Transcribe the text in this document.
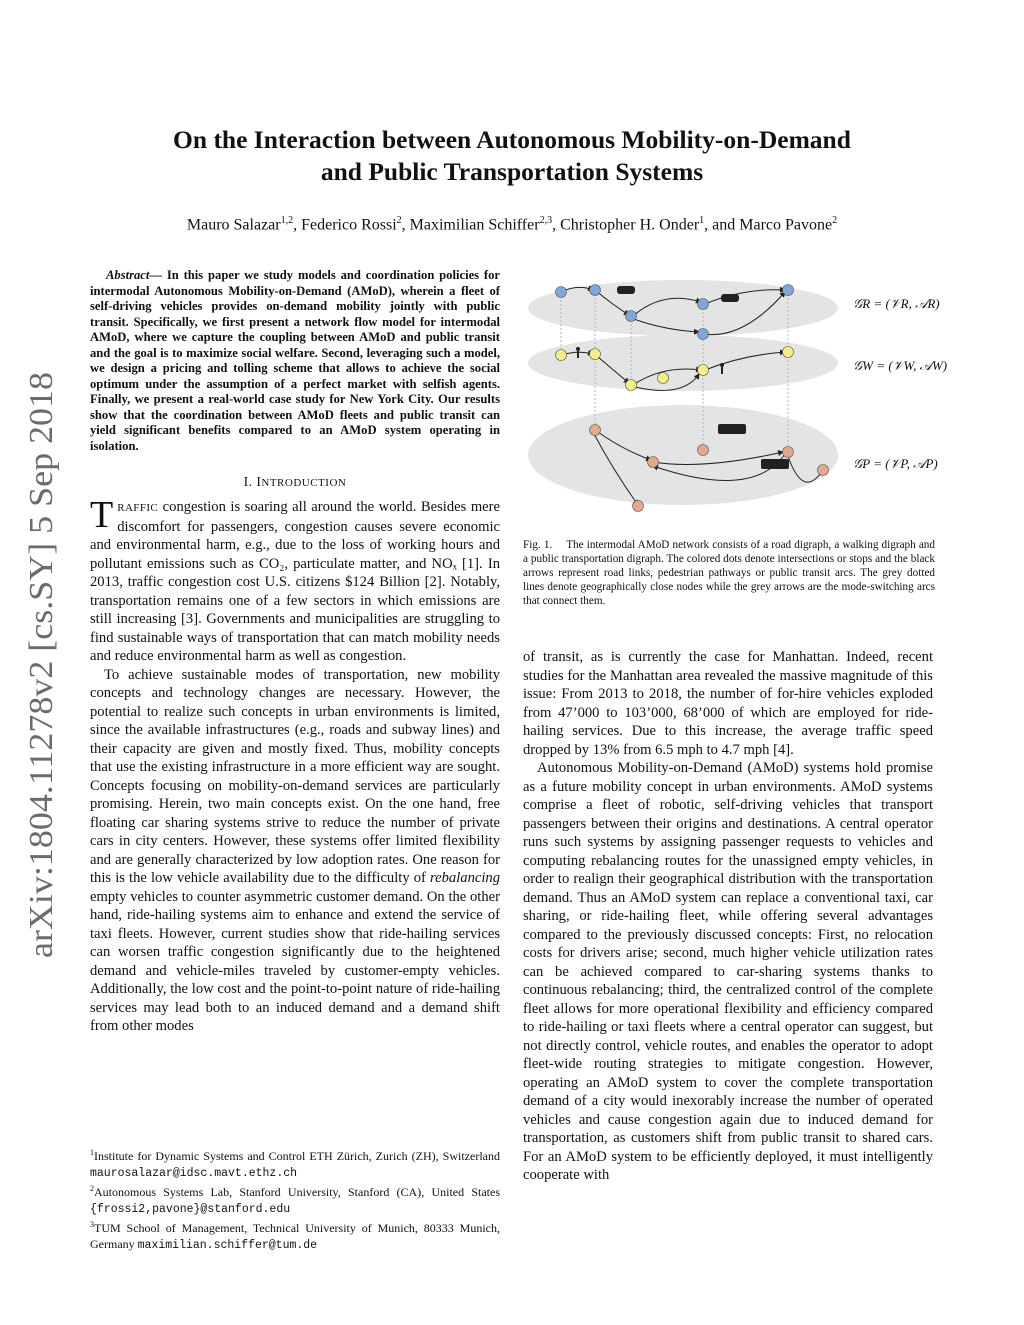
arXiv:1804.11278v2 [cs.SY] 5 Sep 2018
On the Interaction between Autonomous Mobility-on-Demand
and Public Transportation Systems
Mauro Salazar$^{1,2}$, Federico Rossi$^2$, Maximilian Schiffer$^{2,3}$, Christopher H. Onder$^1$, and Marco Pavone$^2$

Abstract— In this paper we study models and coordination policies for intermodal Autonomous Mobility-on-Demand (AMoD), wherein a fleet of self-driving vehicles provides on-demand mobility jointly with public transit. Specifically, we first present a network flow model for intermodal AMoD, where we capture the coupling between AMoD and public transit and the goal is to maximize social welfare. Second, leveraging such a model, we design a pricing and tolling scheme that allows to achieve the social optimum under the assumption of a perfect market with selfish agents. Finally, we present a real-world case study for New York City. Our results show that the coordination between AMoD fleets and public transit can yield significant benefits compared to an AMoD system operating in isolation.

I. INTRODUCTION

TRAFFIC congestion is soaring all around the world. Besides mere discomfort for passengers, congestion causes severe economic and environmental harm, e.g., due to the loss of working hours and pollutant emissions such as CO₂, particulate matter, and NOₓ [1]. In 2013, traffic congestion cost U.S. citizens $124 Billion [2]. Notably, transportation remains one of a few sectors in which emissions are still increasing [3]. Governments and municipalities are struggling to find sustainable ways of transportation that can match mobility needs and reduce environmental harm as well as congestion.

To achieve sustainable modes of transportation, new mobility concepts and technology changes are necessary. However, the potential to realize such concepts in urban environments is limited, since the available infrastructures (e.g., roads and subway lines) and their capacity are given and mostly fixed. Thus, mobility concepts that use the existing infrastructure in a more efficient way are sought. Concepts focusing on mobility-on-demand services are particularly promising. Herein, two main concepts exist. On the one hand, free floating car sharing systems strive to reduce the number of private cars in city centers. However, these systems offer limited flexibility and are generally characterized by low adoption rates. One reason for this is the low vehicle availability due to the difficulty of rebalancing empty vehicles to counter asymmetric customer demand. On the other hand, ride-hailing systems aim to enhance and extend the service of taxi fleets. However, current studies show that ride-hailing services can worsen traffic congestion significantly due to the heightened demand and vehicle-miles traveled by customer-empty vehicles. Additionally, the low cost and the point-to-point nature of ride-hailing services may lead both to an induced demand and a demand shift from other modes

$^1$Institute for Dynamic Systems and Control ETH Zürich, Zurich (ZH), Switzerland maurosalazar@idsc.mavt.ethz.ch

$^2$Autonomous Systems Lab, Stanford University, Stanford (CA), United States {frossi2,pavone}@stanford.edu

$^3$TUM School of Management, Technical University of Munich, 80333 Munich, Germany maximilian.schiffer@tum.de

𝒢R = (𝒱R, 𝒜R)
𝒢W = (𝒱W, 𝒜W)
𝒢P = (𝒱P, 𝒜P)
Fig. 1. The intermodal AMoD network consists of a road digraph, a walking digraph and a public transportation digraph. The colored dots denote intersections or stops and the black arrows represent road links, pedestrian pathways or public transit arcs. The grey dotted lines denote geographically close nodes while the grey arrows are the mode-switching arcs that connect them.

of transit, as is currently the case for Manhattan. Indeed, recent studies for the Manhattan area revealed the massive magnitude of this issue: From 2013 to 2018, the number of for-hire vehicles exploded from 47’000 to 103’000, 68’000 of which are employed for ride-hailing services. Due to this increase, the average traffic speed dropped by 13% from 6.5 mph to 4.7 mph [4].

Autonomous Mobility-on-Demand (AMoD) systems hold promise as a future mobility concept in urban environments. AMoD systems comprise a fleet of robotic, self-driving vehicles that transport passengers between their origins and destinations. A central operator runs such systems by assigning passenger requests to vehicles and computing rebalancing routes for the unassigned empty vehicles, in order to realign their geographical distribution with the transportation demand. Thus an AMoD system can replace a conventional taxi, car sharing, or ride-hailing fleet, while offering several advantages compared to the previously discussed concepts: First, no relocation costs for drivers arise; second, much higher vehicle utilization rates can be achieved compared to car-sharing systems thanks to continuous rebalancing; third, the centralized control of the complete fleet allows for more operational flexibility and efficiency compared to ride-hailing or taxi fleets where a central operator can suggest, but not directly control, vehicle routes, and enables the operator to adopt fleet-wide routing strategies to mitigate congestion. However, operating an AMoD system to cover the complete transportation demand of a city would inexorably increase the number of operated vehicles and cause congestion again due to induced demand for transportation, as customers shift from public transit to shared cars. For an AMoD system to be efficiently deployed, it must intelligently cooperate with
